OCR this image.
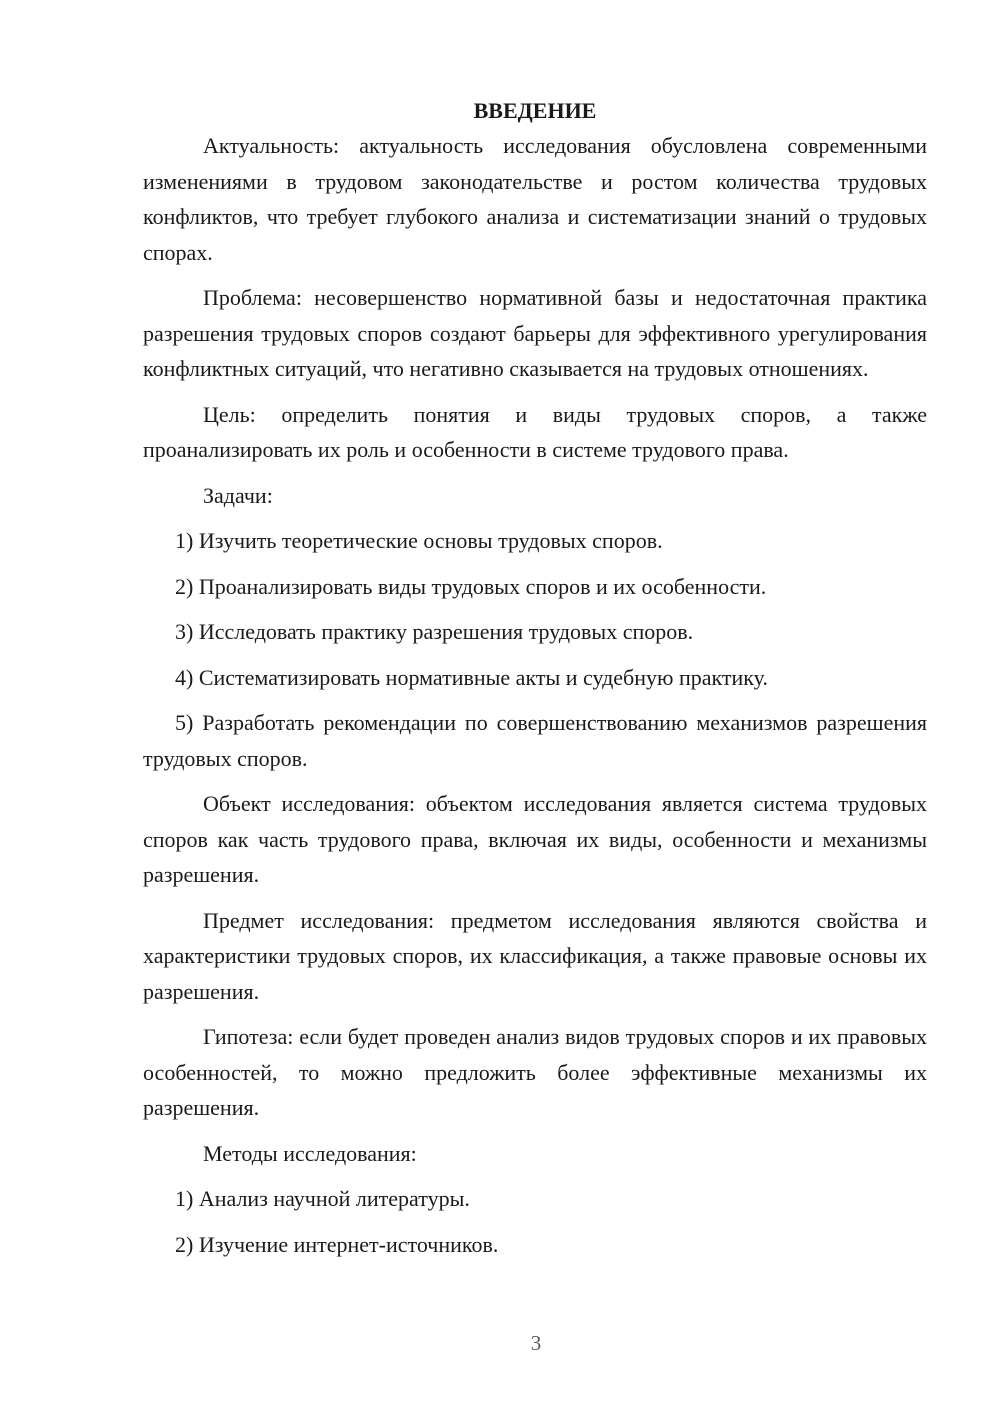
ВВЕДЕНИЕ

Актуальность: актуальность исследования обусловлена современными изменениями в трудовом законодательстве и ростом количества трудовых конфликтов, что требует глубокого анализа и систематизации знаний о трудовых спорах.

Проблема: несовершенство нормативной базы и недостаточная практика разрешения трудовых споров создают барьеры для эффективного урегулирования конфликтных ситуаций, что негативно сказывается на трудовых отношениях.

Цель: определить понятия и виды трудовых споров, а также проанализировать их роль и особенности в системе трудового права.

Задачи:

1) Изучить теоретические основы трудовых споров.

2) Проанализировать виды трудовых споров и их особенности.

3) Исследовать практику разрешения трудовых споров.

4) Систематизировать нормативные акты и судебную практику.

5) Разработать рекомендации по совершенствованию механизмов разрешения трудовых споров.

Объект исследования: объектом исследования является система трудовых споров как часть трудового права, включая их виды, особенности и механизмы разрешения.

Предмет исследования: предметом исследования являются свойства и характеристики трудовых споров, их классификация, а также правовые основы их разрешения.

Гипотеза: если будет проведен анализ видов трудовых споров и их правовых особенностей, то можно предложить более эффективные механизмы их разрешения.

Методы исследования:

1) Анализ научной литературы.

2) Изучение интернет-источников.

3
